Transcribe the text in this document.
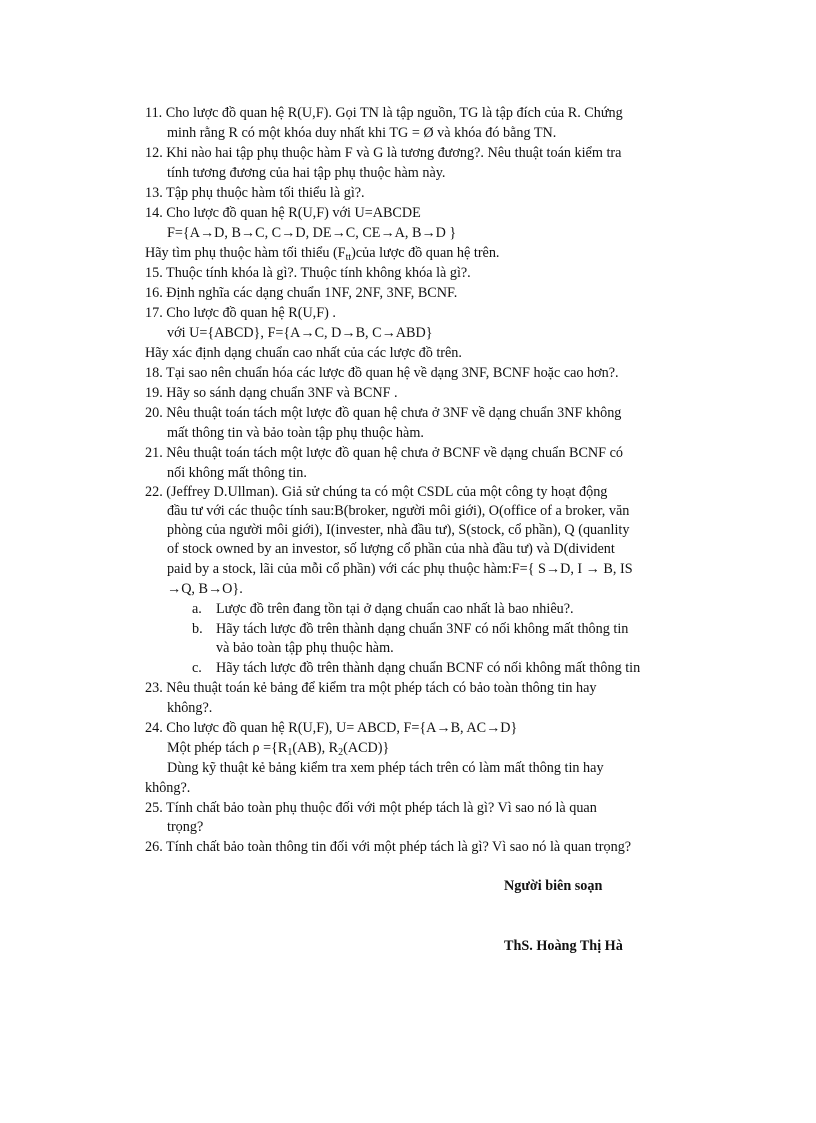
11. Cho lược đồ quan hệ R(U,F). Gọi TN là tập nguồn, TG là tập đích của R. Chứng
minh rằng R có một khóa duy nhất khi TG = Ø và khóa đó bằng TN.
12. Khi nào hai tập phụ thuộc hàm F và G là tương đương?. Nêu thuật toán kiểm tra
tính tương đương của hai tập phụ thuộc hàm này.
13. Tập phụ thuộc hàm tối thiểu là gì?.
14. Cho lược đồ quan hệ R(U,F) với U=ABCDE
F={A→D, B→C, C→D, DE→C, CE→A, B→D }
Hãy tìm phụ thuộc hàm tối thiểu $(F_{tt})của$ lược đồ quan hệ trên.
15. Thuộc tính khóa là gì?. Thuộc tính không khóa là gì?.
16. Định nghĩa các dạng chuẩn 1NF, 2NF, 3NF, BCNF.
17. Cho lược đồ quan hệ R(U,F) .
với U={ABCD}, F={A→C, D→B, C→ABD}
Hãy xác định dạng chuẩn cao nhất của các lược đồ trên.
18. Tại sao nên chuẩn hóa các lược đồ quan hệ về dạng 3NF, BCNF hoặc cao hơn?.
19. Hãy so sánh dạng chuẩn 3NF và BCNF .
20. Nêu thuật toán tách một lược đồ quan hệ chưa ở 3NF về dạng chuẩn 3NF không
mất thông tin và bảo toàn tập phụ thuộc hàm.
21. Nêu thuật toán tách một lược đồ quan hệ chưa ở BCNF về dạng chuẩn BCNF có
nối không mất thông tin.
22. (Jeffrey D.Ullman). Giả sử chúng ta có một CSDL của một công ty hoạt động
đầu tư với các thuộc tính sau:B(broker, người môi giới), O(office of a broker, văn
phòng của người môi giới), I(invester, nhà đầu tư), S(stock, cổ phần), Q (quanlity
of stock owned by an investor, số lượng cổ phần của nhà đầu tư) và D(divident
paid by a stock, lãi của mỗi cổ phần) với các phụ thuộc hàm:F={ S→D, I → B, IS
→Q, B→O}.
a. Lược đồ trên đang tồn tại ở dạng chuẩn cao nhất là bao nhiêu?.
b. Hãy tách lược đồ trên thành dạng chuẩn 3NF có nối không mất thông tin
và bảo toàn tập phụ thuộc hàm.
c. Hãy tách lược đồ trên thành dạng chuẩn BCNF có nối không mất thông tin
23. Nêu thuật toán kẻ bảng để kiểm tra một phép tách có bảo toàn thông tin hay
không?.
24. Cho lược đồ quan hệ R(U,F), U= ABCD, F={A→B, AC→D}
Một phép tách $\rho =\{R_1(AB)$, $R_2(ACD)$}
Dùng kỹ thuật kẻ bảng kiểm tra xem phép tách trên có làm mất thông tin hay
không?.
25. Tính chất bảo toàn phụ thuộc đối với một phép tách là gì? Vì sao nó là quan
trọng?
26. Tính chất bảo toàn thông tin đối với một phép tách là gì? Vì sao nó là quan trọng?
Người biên soạn
ThS. Hoàng Thị Hà
